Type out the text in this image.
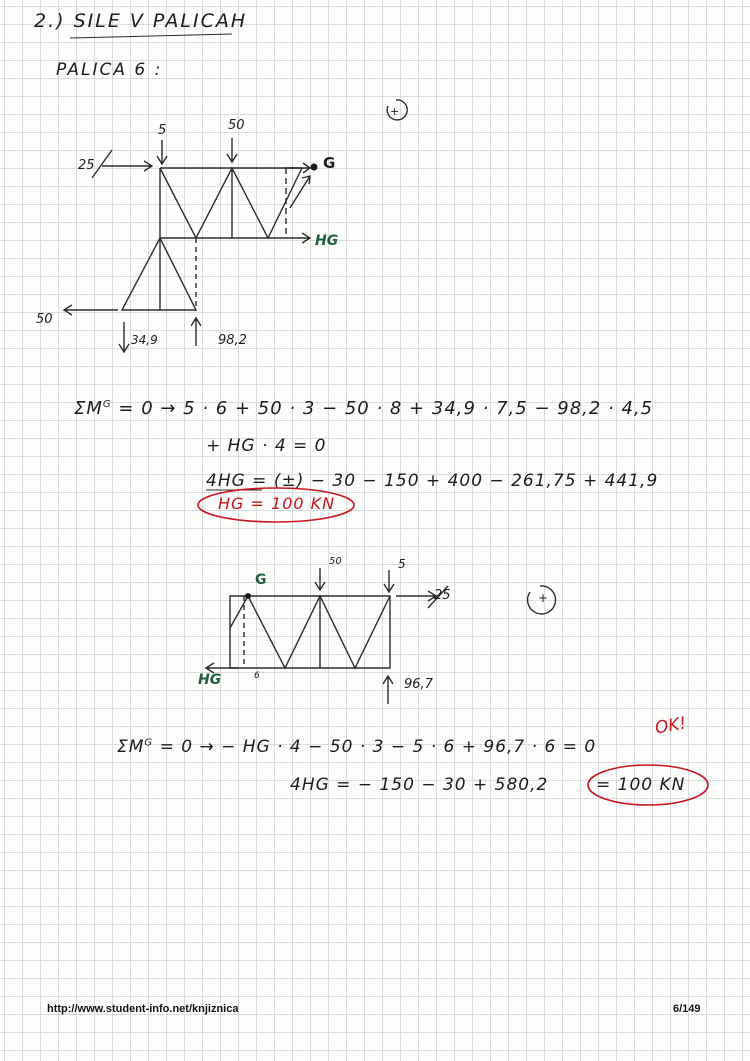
2.) SILE V PALICAH
PALICA 6 :
5	50
25	G
HG
50
34,9	98,2
+
$\Sigma M^G = 0 \to 5 \cdot 6 + 50 \cdot 3 - 50 \cdot 8 + 34,9 \cdot 7,5 - 98,2 \cdot 4,5$
+ HG · 4 = 0
4HG = (±) − 30 − 150 + 400 − 261,75 + 441,9
HG = 100 KN
G
50	5
25
HG	6
96,7
+
OK!
$\Sigma M^G = 0$ → − HG · 4 − 50 · 3 − 5 · 6 + 96,7 · 6 = 0
4HG = − 150 − 30 + 580,2	= 100 KN
http://www.student-info.net/knjiznica	6/149
